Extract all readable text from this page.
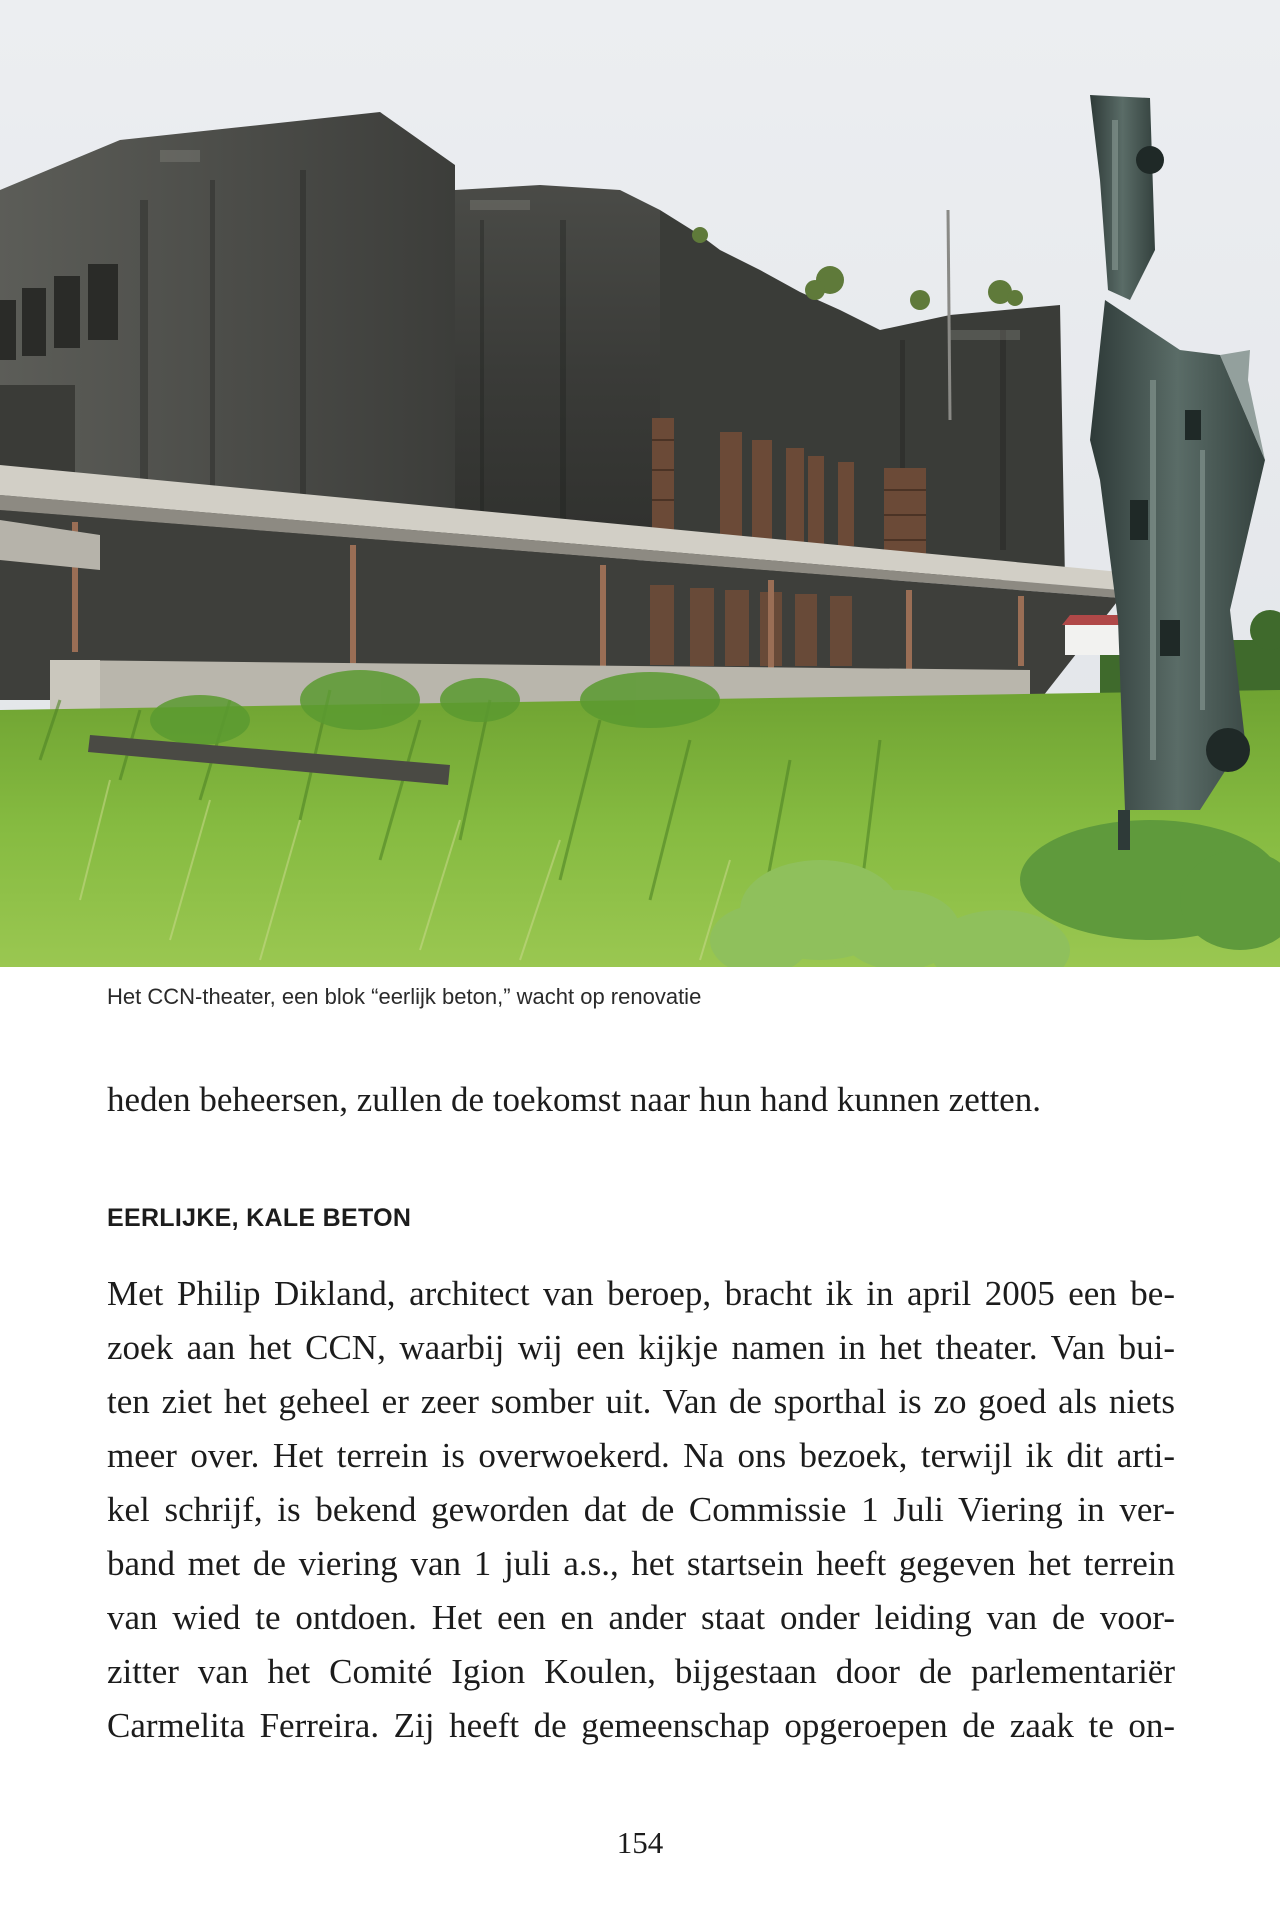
Het CCN-theater, een blok “eerlijk beton,” wacht op renovatie
heden beheersen, zullen de toekomst naar hun hand kunnen zetten.
EERLIJKE, KALE BETON
Met Philip Dikland, architect van beroep, bracht ik in april 2005 een be-
zoek aan het CCN, waarbij wij een kijkje namen in het theater. Van bui-
ten ziet het geheel er zeer somber uit. Van de sporthal is zo goed als niets
meer over. Het terrein is overwoekerd. Na ons bezoek, terwijl ik dit arti-
kel schrijf, is bekend geworden dat de Commissie 1 Juli Viering in ver-
band met de viering van 1 juli a.s., het startsein heeft gegeven het terrein
van wied te ontdoen. Het een en ander staat onder leiding van de voor-
zitter van het Comité Igion Koulen, bijgestaan door de parlementariër
Carmelita Ferreira. Zij heeft de gemeenschap opgeroepen de zaak te on-
154
